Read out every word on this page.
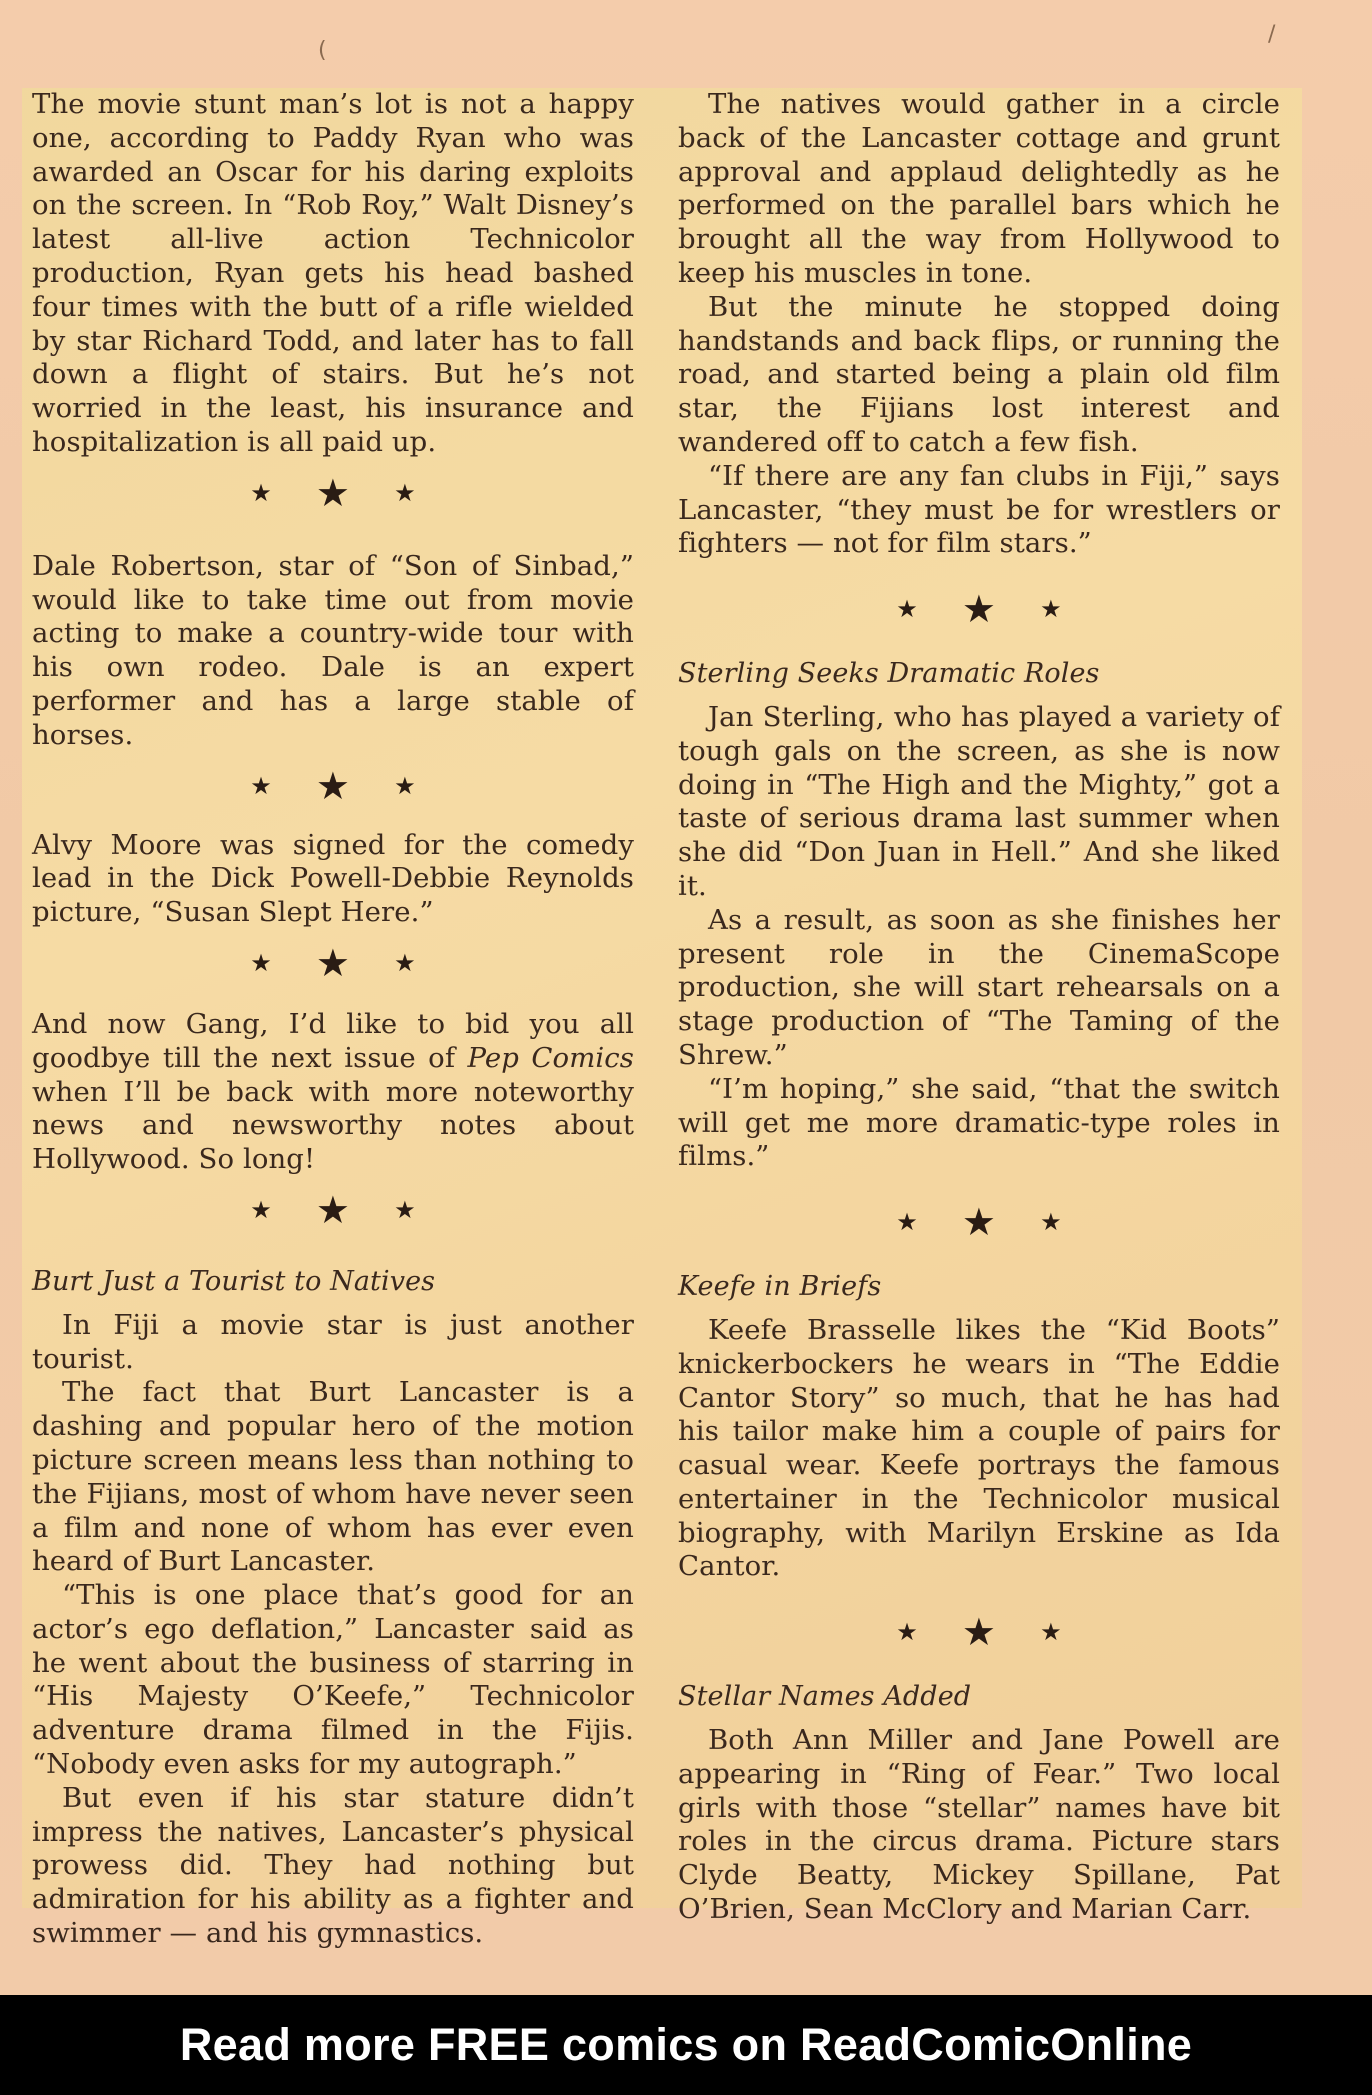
(
/

The movie stunt man’s lot is not a happy one, according to Paddy Ryan who was awarded an Oscar for his daring exploits on the screen. In “Rob Roy,” Walt Disney’s latest all-live action Technicolor production, Ryan gets his head bashed four times with the butt of a rifle wielded by star Richard Todd, and later has to fall down a flight of stairs. But he’s not worried in the least, his insurance and hospitalization is all paid up.

★ ★ ★

Dale Robertson, star of “Son of Sinbad,” would like to take time out from movie acting to make a country-wide tour with his own rodeo. Dale is an expert performer and has a large stable of horses.

★ ★ ★

Alvy Moore was signed for the comedy lead in the Dick Powell-Debbie Reynolds picture, “Susan Slept Here.”

★ ★ ★

And now Gang, I’d like to bid you all goodbye till the next issue of Pep Comics when I’ll be back with more noteworthy news and newsworthy notes about Hollywood. So long!

★ ★ ★

Burt Just a Tourist to Natives

In Fiji a movie star is just another tourist.

The fact that Burt Lancaster is a dashing and popular hero of the motion picture screen means less than nothing to the Fijians, most of whom have never seen a film and none of whom has ever even heard of Burt Lancaster.

“This is one place that’s good for an actor’s ego deflation,” Lancaster said as he went about the business of starring in “His Majesty O’Keefe,” Technicolor adventure drama filmed in the Fijis. “Nobody even asks for my autograph.”

But even if his star stature didn’t impress the natives, Lancaster’s physical prowess did. They had nothing but admiration for his ability as a fighter and swimmer — and his gymnastics.

The natives would gather in a circle back of the Lancaster cottage and grunt approval and applaud delightedly as he performed on the parallel bars which he brought all the way from Hollywood to keep his muscles in tone.

But the minute he stopped doing handstands and back flips, or running the road, and started being a plain old film star, the Fijians lost interest and wandered off to catch a few fish.

“If there are any fan clubs in Fiji,” says Lancaster, “they must be for wrestlers or fighters — not for film stars.”

★ ★ ★

Sterling Seeks Dramatic Roles

Jan Sterling, who has played a variety of tough gals on the screen, as she is now doing in “The High and the Mighty,” got a taste of serious drama last summer when she did “Don Juan in Hell.” And she liked it.

As a result, as soon as she finishes her present role in the CinemaScope production, she will start rehearsals on a stage production of “The Taming of the Shrew.”

“I’m hoping,” she said, “that the switch will get me more dramatic-type roles in films.”

★ ★ ★

Keefe in Briefs

Keefe Brasselle likes the “Kid Boots” knickerbockers he wears in “The Eddie Cantor Story” so much, that he has had his tailor make him a couple of pairs for casual wear. Keefe portrays the famous entertainer in the Technicolor musical biography, with Marilyn Erskine as Ida Cantor.

★ ★ ★

Stellar Names Added

Both Ann Miller and Jane Powell are appearing in “Ring of Fear.” Two local girls with those “stellar” names have bit roles in the circus drama. Picture stars Clyde Beatty, Mickey Spillane, Pat O’Brien, Sean McClory and Marian Carr.

Read more FREE comics on ReadComicOnline
